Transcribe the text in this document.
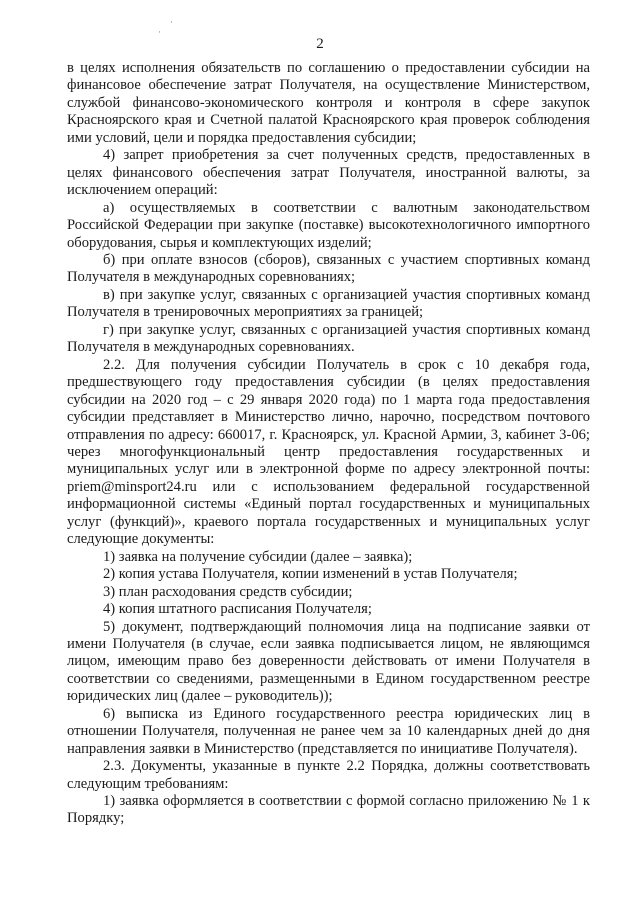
·
·
2

в целях исполнения обязательств по соглашению о предоставлении субсидии на финансовое обеспечение затрат Получателя, на осуществление Министерством, службой финансово-экономического контроля и контроля в сфере закупок Красноярского края и Счетной палатой Красноярского края проверок соблюдения ими условий, цели и порядка предоставления субсидии;

4) запрет приобретения за счет полученных средств, предоставленных в целях финансового обеспечения затрат Получателя, иностранной валюты, за исключением операций:

а) осуществляемых в соответствии с валютным законодательством Российской Федерации при закупке (поставке) высокотехнологичного импортного оборудования, сырья и комплектующих изделий;

б) при оплате взносов (сборов), связанных с участием спортивных команд Получателя в международных соревнованиях;

в) при закупке услуг, связанных с организацией участия спортивных команд Получателя в тренировочных мероприятиях за границей;

г) при закупке услуг, связанных с организацией участия спортивных команд Получателя в международных соревнованиях.

2.2. Для получения субсидии Получатель в срок с 10 декабря года, предшествующего году предоставления субсидии (в целях предоставления субсидии на 2020 год – с 29 января 2020 года) по 1 марта года предоставления субсидии представляет в Министерство лично, нарочно, посредством почтового отправления по адресу: 660017, г. Красноярск, ул. Красной Армии, 3, кабинет 3-06; через многофункциональный центр предоставления государственных и муниципальных услуг или в электронной форме по адресу электронной почты: priem@minsport24.ru или с использованием федеральной государственной информационной системы «Единый портал государственных и муниципальных услуг (функций)», краевого портала государственных и муниципальных услуг следующие документы:

1) заявка на получение субсидии (далее – заявка);

2) копия устава Получателя, копии изменений в устав Получателя;

3) план расходования средств субсидии;

4) копия штатного расписания Получателя;

5) документ, подтверждающий полномочия лица на подписание заявки от имени Получателя (в случае, если заявка подписывается лицом, не являющимся лицом, имеющим право без доверенности действовать от имени Получателя в соответствии со сведениями, размещенными в Едином государственном реестре юридических лиц (далее – руководитель));

6) выписка из Единого государственного реестра юридических лиц в отношении Получателя, полученная не ранее чем за 10 календарных дней до дня направления заявки в Министерство (представляется по инициативе Получателя).

2.3. Документы, указанные в пункте 2.2 Порядка, должны соответствовать следующим требованиям:

1) заявка оформляется в соответствии с формой согласно приложению № 1 к Порядку;
